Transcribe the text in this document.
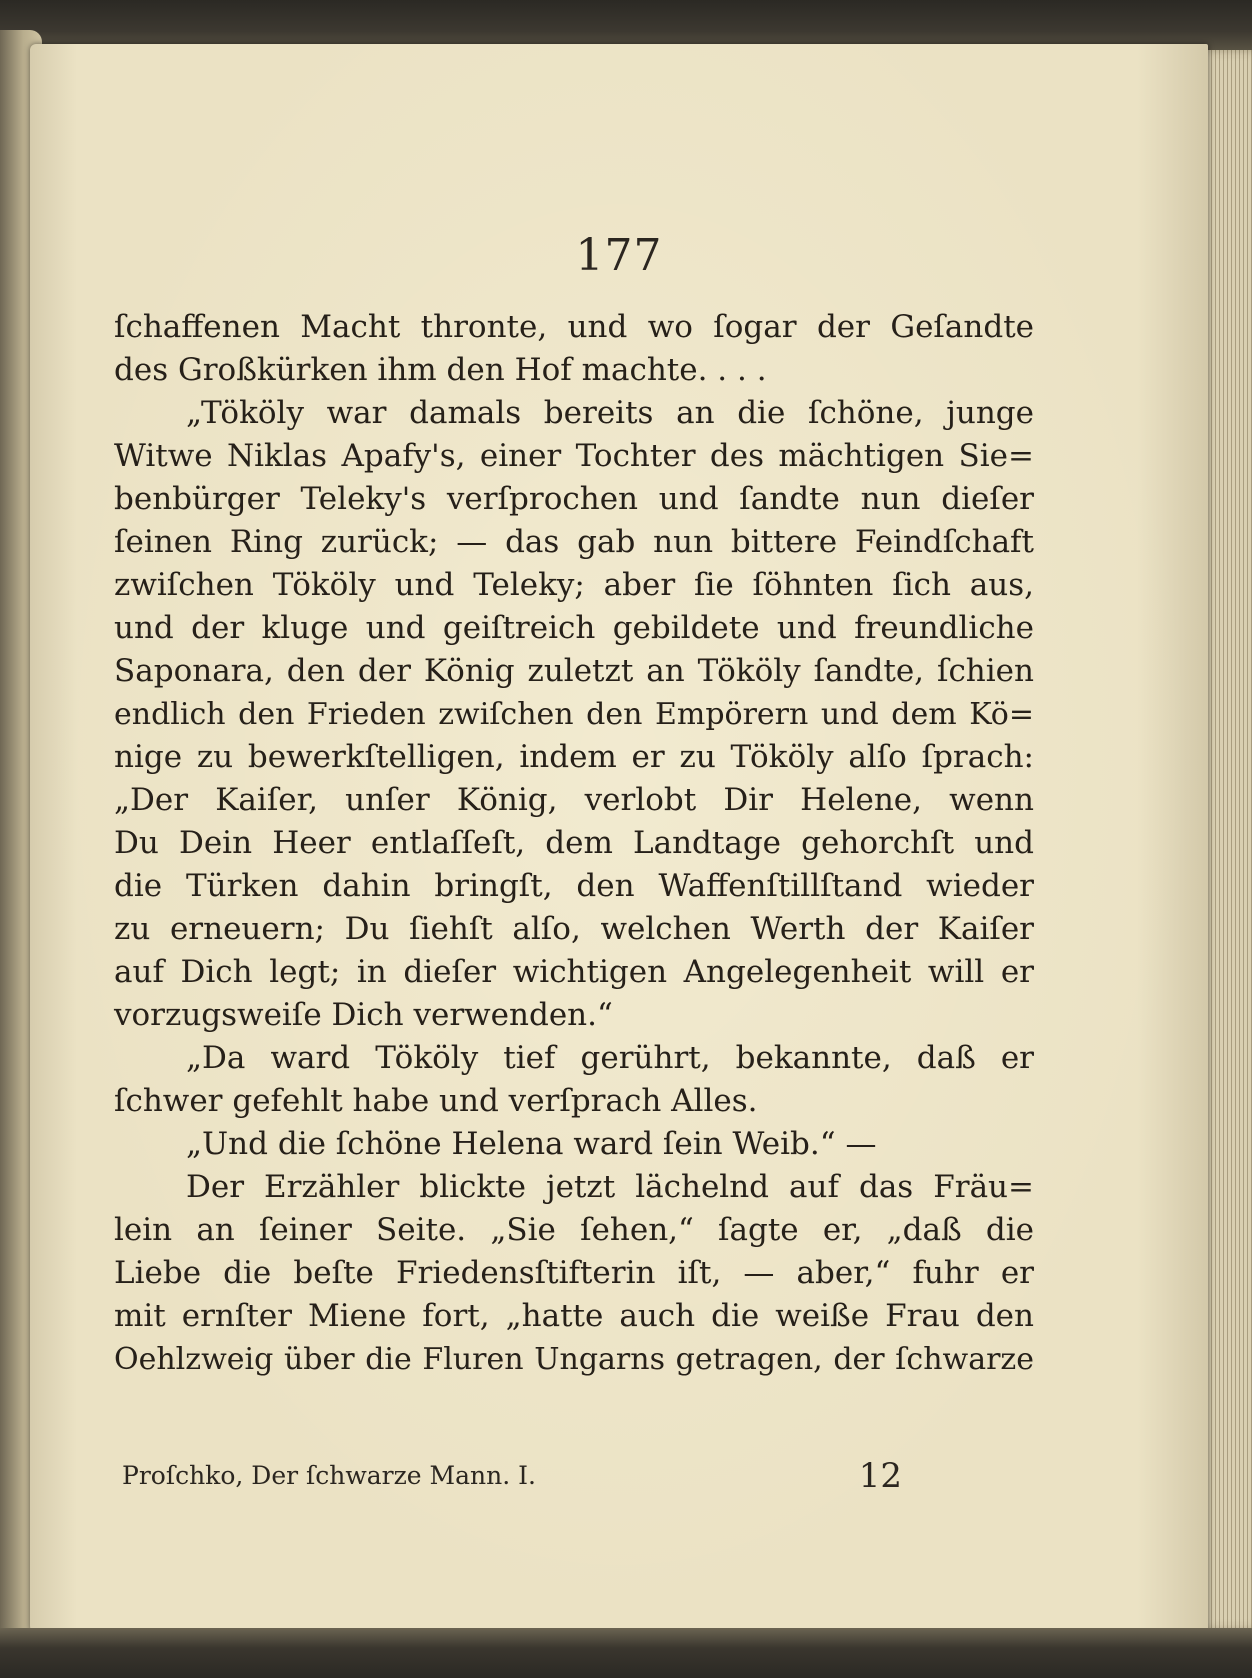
177
ſchaffenen Macht thronte, und wo ſogar der Geſandte
des Großkürken ihm den Hof machte. . . .
„Tököly war damals bereits an die ſchöne, junge
Witwe Niklas Apafy's, einer Tochter des mächtigen Sie=
benbürger Teleky's verſprochen und ſandte nun dieſer
ſeinen Ring zurück; — das gab nun bittere Feindſchaft
zwiſchen Tököly und Teleky; aber ſie ſöhnten ſich aus,
und der kluge und geiſtreich gebildete und freundliche
Saponara, den der König zuletzt an Tököly ſandte, ſchien
endlich den Frieden zwiſchen den Empörern und dem Kö=
nige zu bewerkſtelligen, indem er zu Tököly alſo ſprach:
„Der Kaiſer, unſer König, verlobt Dir Helene, wenn
Du Dein Heer entlaſſeſt, dem Landtage gehorchſt und
die Türken dahin bringſt, den Waffenſtillſtand wieder
zu erneuern; Du ſiehſt alſo, welchen Werth der Kaiſer
auf Dich legt; in dieſer wichtigen Angelegenheit will er
vorzugsweiſe Dich verwenden.“
„Da ward Tököly tief gerührt, bekannte, daß er
ſchwer gefehlt habe und verſprach Alles.
„Und die ſchöne Helena ward ſein Weib.“ —
Der Erzähler blickte jetzt lächelnd auf das Fräu=
lein an ſeiner Seite. „Sie ſehen,“ ſagte er, „daß die
Liebe die beſte Friedensſtifterin iſt, — aber,“ fuhr er
mit ernſter Miene fort, „hatte auch die weiße Frau den
Oehlzweig über die Fluren Ungarns getragen, der ſchwarze
Proſchko, Der ſchwarze Mann. I.	12
